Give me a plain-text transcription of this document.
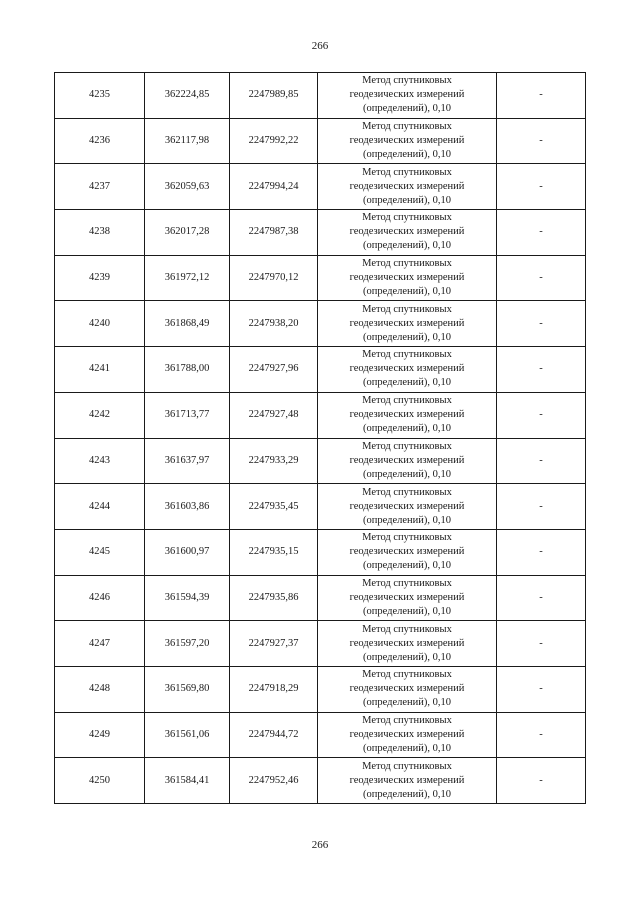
266
4235	362224,85	2247989,85	Метод спутниковых
геодезических измерений
(определений), 0,10	-
4236	362117,98	2247992,22	Метод спутниковых
геодезических измерений
(определений), 0,10	-
4237	362059,63	2247994,24	Метод спутниковых
геодезических измерений
(определений), 0,10	-
4238	362017,28	2247987,38	Метод спутниковых
геодезических измерений
(определений), 0,10	-
4239	361972,12	2247970,12	Метод спутниковых
геодезических измерений
(определений), 0,10	-
4240	361868,49	2247938,20	Метод спутниковых
геодезических измерений
(определений), 0,10	-
4241	361788,00	2247927,96	Метод спутниковых
геодезических измерений
(определений), 0,10	-
4242	361713,77	2247927,48	Метод спутниковых
геодезических измерений
(определений), 0,10	-
4243	361637,97	2247933,29	Метод спутниковых
геодезических измерений
(определений), 0,10	-
4244	361603,86	2247935,45	Метод спутниковых
геодезических измерений
(определений), 0,10	-
4245	361600,97	2247935,15	Метод спутниковых
геодезических измерений
(определений), 0,10	-
4246	361594,39	2247935,86	Метод спутниковых
геодезических измерений
(определений), 0,10	-
4247	361597,20	2247927,37	Метод спутниковых
геодезических измерений
(определений), 0,10	-
4248	361569,80	2247918,29	Метод спутниковых
геодезических измерений
(определений), 0,10	-
4249	361561,06	2247944,72	Метод спутниковых
геодезических измерений
(определений), 0,10	-
4250	361584,41	2247952,46	Метод спутниковых
геодезических измерений
(определений), 0,10	-
266
